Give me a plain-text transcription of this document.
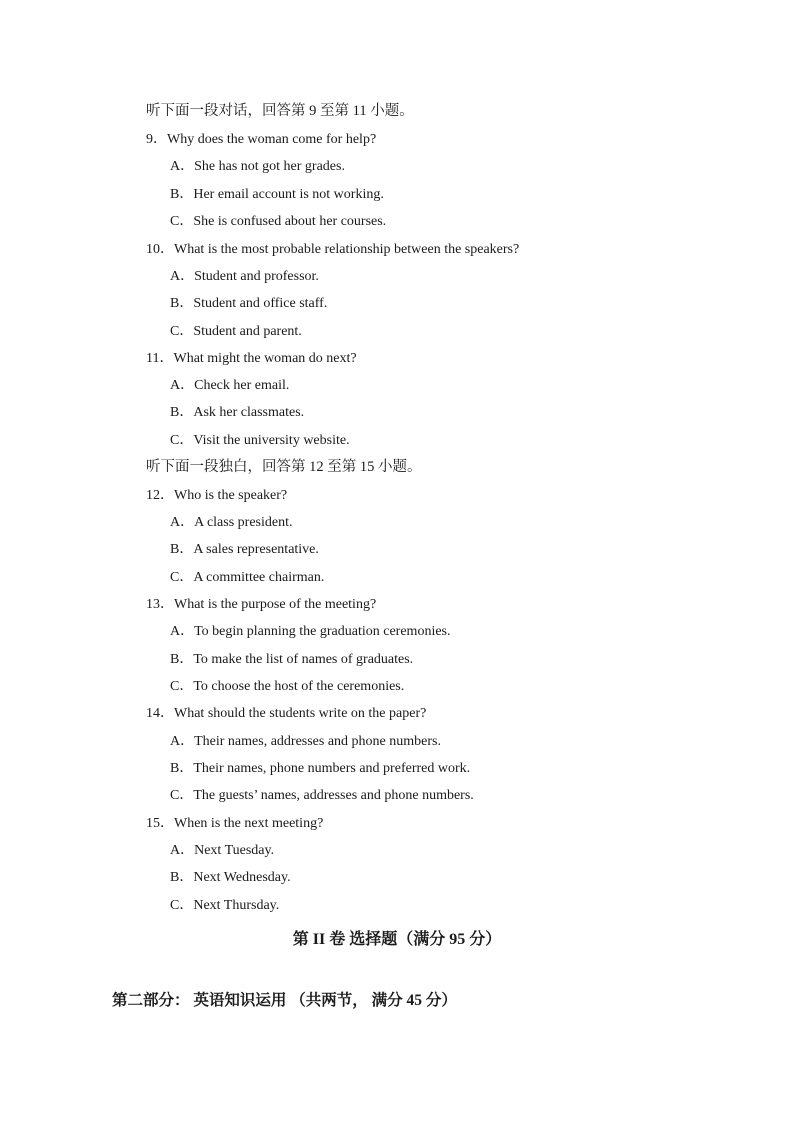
听下面一段对话，回答第 9 至第 11 小题。
9．Why does the woman come for help?
A．She has not got her grades.
B．Her email account is not working.
C．She is confused about her courses.
10．What is the most probable relationship between the speakers?
A．Student and professor.
B．Student and office staff.
C．Student and parent.
11．What might the woman do next?
A．Check her email.
B．Ask her classmates.
C．Visit the university website.
听下面一段独白，回答第 12 至第 15 小题。
12．Who is the speaker?
A．A class president.
B．A sales representative.
C．A committee chairman.
13．What is the purpose of the meeting?
A．To begin planning the graduation ceremonies.
B．To make the list of names of graduates.
C．To choose the host of the ceremonies.
14．What should the students write on the paper?
A．Their names, addresses and phone numbers.
B．Their names, phone numbers and preferred work.
C．The guests’ names, addresses and phone numbers.
15．When is the next meeting?
A．Next Tuesday.
B．Next Wednesday.
C．Next Thursday.
第 II 卷 选择题（满分 95 分）
第二部分： 英语知识运用 （共两节， 满分 45 分）
